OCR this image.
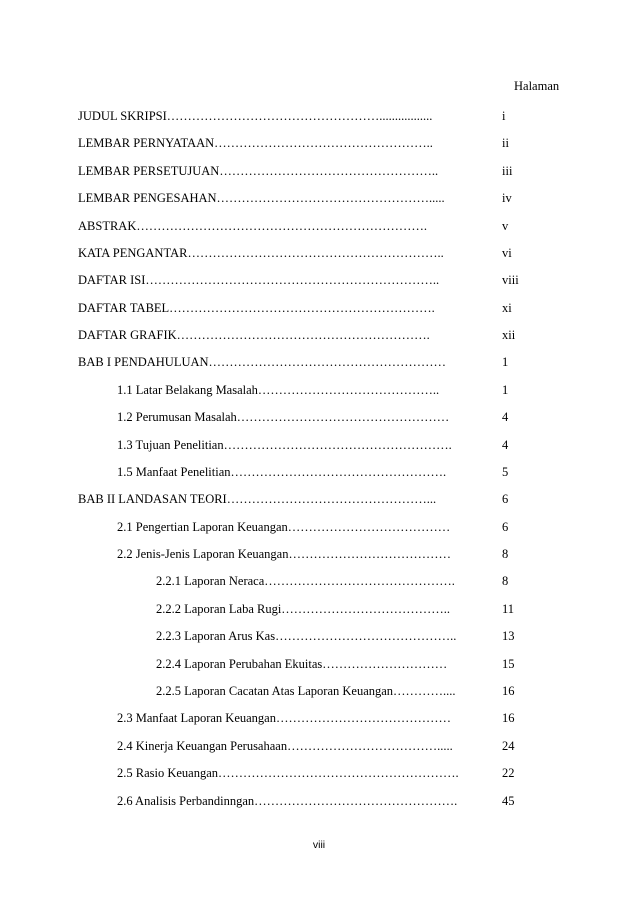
Halaman
JUDUL SKRIPSI…………………………………………….................	i
LEMBAR PERNYATAAN……………………………………………..	ii
LEMBAR PERSETUJUAN……………………………………………..	iii
LEMBAR PENGESAHAN…………………………………………….....	iv
ABSTRAK…………………………………………………………….	v
KATA PENGANTAR……………………………………………………..	vi
DAFTAR ISI……………………………………………………………..	viii
DAFTAR TABEL……………………………………………………….	xi
DAFTAR GRAFIK…………………………………………………….	xii
BAB I PENDAHULUAN…………………………………………………	1
1.1 Latar Belakang Masalah……………………………………..	1
1.2 Perumusan Masalah……………………………………………	4
1.3 Tujuan Penelitian……………………………………………….	4
1.5 Manfaat Penelitian…………………………………………….	5
BAB II LANDASAN TEORI…………………………………………...	6
2.1 Pengertian Laporan Keuangan…………………………………	6
2.2 Jenis-Jenis Laporan Keuangan…………………………………	8
2.2.1 Laporan Neraca……………………………………….	8
2.2.2 Laporan Laba Rugi…………………………………..	11
2.2.3 Laporan Arus Kas……………………………………..	13
2.2.4 Laporan Perubahan Ekuitas…………………………	15
2.2.5 Laporan Cacatan Atas Laporan Keuangan…………....	16
2.3 Manfaat Laporan Keuangan……………………………………	16
2.4 Kinerja Keuangan Perusahaan……………………………….....	24
2.5 Rasio Keuangan………………………………………………….	22
2.6 Analisis Perbandinngan………………………………………….	45
viii
